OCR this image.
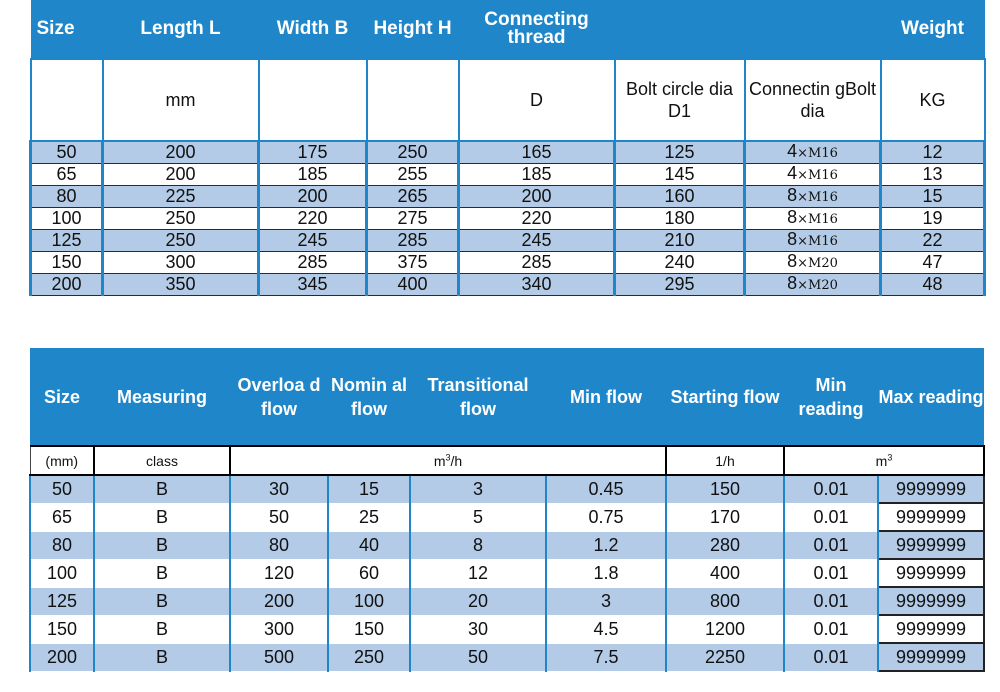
Size	Length L	Width B	Height H	Connecting thread			Weight
	mm			D	Bolt circle dia D1	Connectin gBolt dia	KG
50	200	175	250	165	125	4×M16	12
65	200	185	255	185	145	4×M16	13
80	225	200	265	200	160	8×M16	15
100	250	220	275	220	180	8×M16	19
125	250	245	285	245	210	8×M16	22
150	300	285	375	285	240	8×M20	47
200	350	345	400	340	295	8×M20	48
Size	Measuring	Overloa d flow	Nomin al flow	Transitional flow	Min flow	Starting flow	Min reading	Max reading
(mm)	class	$m^3/h$				1/h	$m^3$
50	B	30	15	3	0.45	150	0.01	9999999
65	B	50	25	5	0.75	170	0.01	9999999
80	B	80	40	8	1.2	280	0.01	9999999
100	B	120	60	12	1.8	400	0.01	9999999
125	B	200	100	20	3	800	0.01	9999999
150	B	300	150	30	4.5	1200	0.01	9999999
200	B	500	250	50	7.5	2250	0.01	9999999
